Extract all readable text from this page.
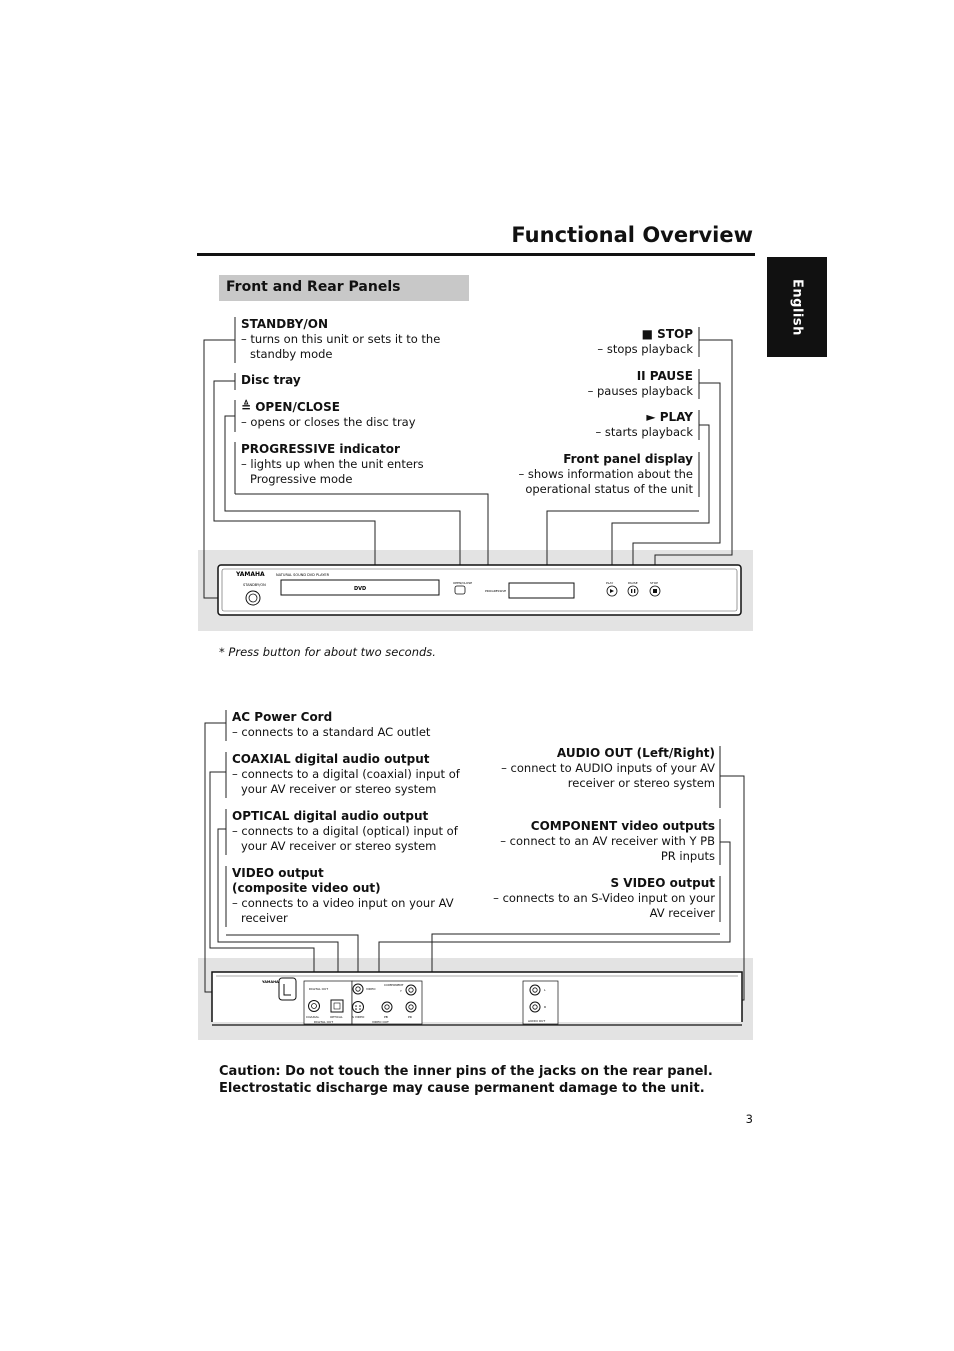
Functional Overview
English
Front and Rear Panels
STANDBY/ON
– turns on this unit or sets it to the
standby mode
Disc tray
≜ OPEN/CLOSE
– opens or closes the disc tray
PROGRESSIVE indicator
– lights up when the unit enters
Progressive mode
■ STOP
– stops playback
II PAUSE
– pauses playback
► PLAY
– starts playback
Front panel display
– shows information about the operational status of the unit
YAMAHA	NATURAL SOUND DVD PLAYER
STANDBY/ON
DVD
OPEN/CLOSE
PROGRESSIVE
PLAY	PAUSE	STOP
* Press button for about two seconds.
AC Power Cord
– connects to a standard AC outlet
COAXIAL digital audio output
– connects to a digital (coaxial) input of
your AV receiver or stereo system
OPTICAL digital audio output
– connects to a digital (optical) input of
your AV receiver or stereo system
VIDEO output
(composite video out)
– connects to a video input on your AV
receiver
AUDIO OUT (Left/Right)
– connect to AUDIO inputs of your AV receiver or stereo system
COMPONENT video outputs
– connect to an AV receiver with Y PB PR inputs
S VIDEO output
– connects to an S-Video input on your AV receiver
YAMAHA
DIGITAL OUT
COAXIAL	OPTICAL
VIDEO
COMPONENT
Y
S VIDEO	PB	PR
VIDEO OUT
DIGITAL OUT
L
R
AUDIO OUT
Caution: Do not touch the inner pins of the jacks on the rear panel.
Electrostatic discharge may cause permanent damage to the unit.
3
